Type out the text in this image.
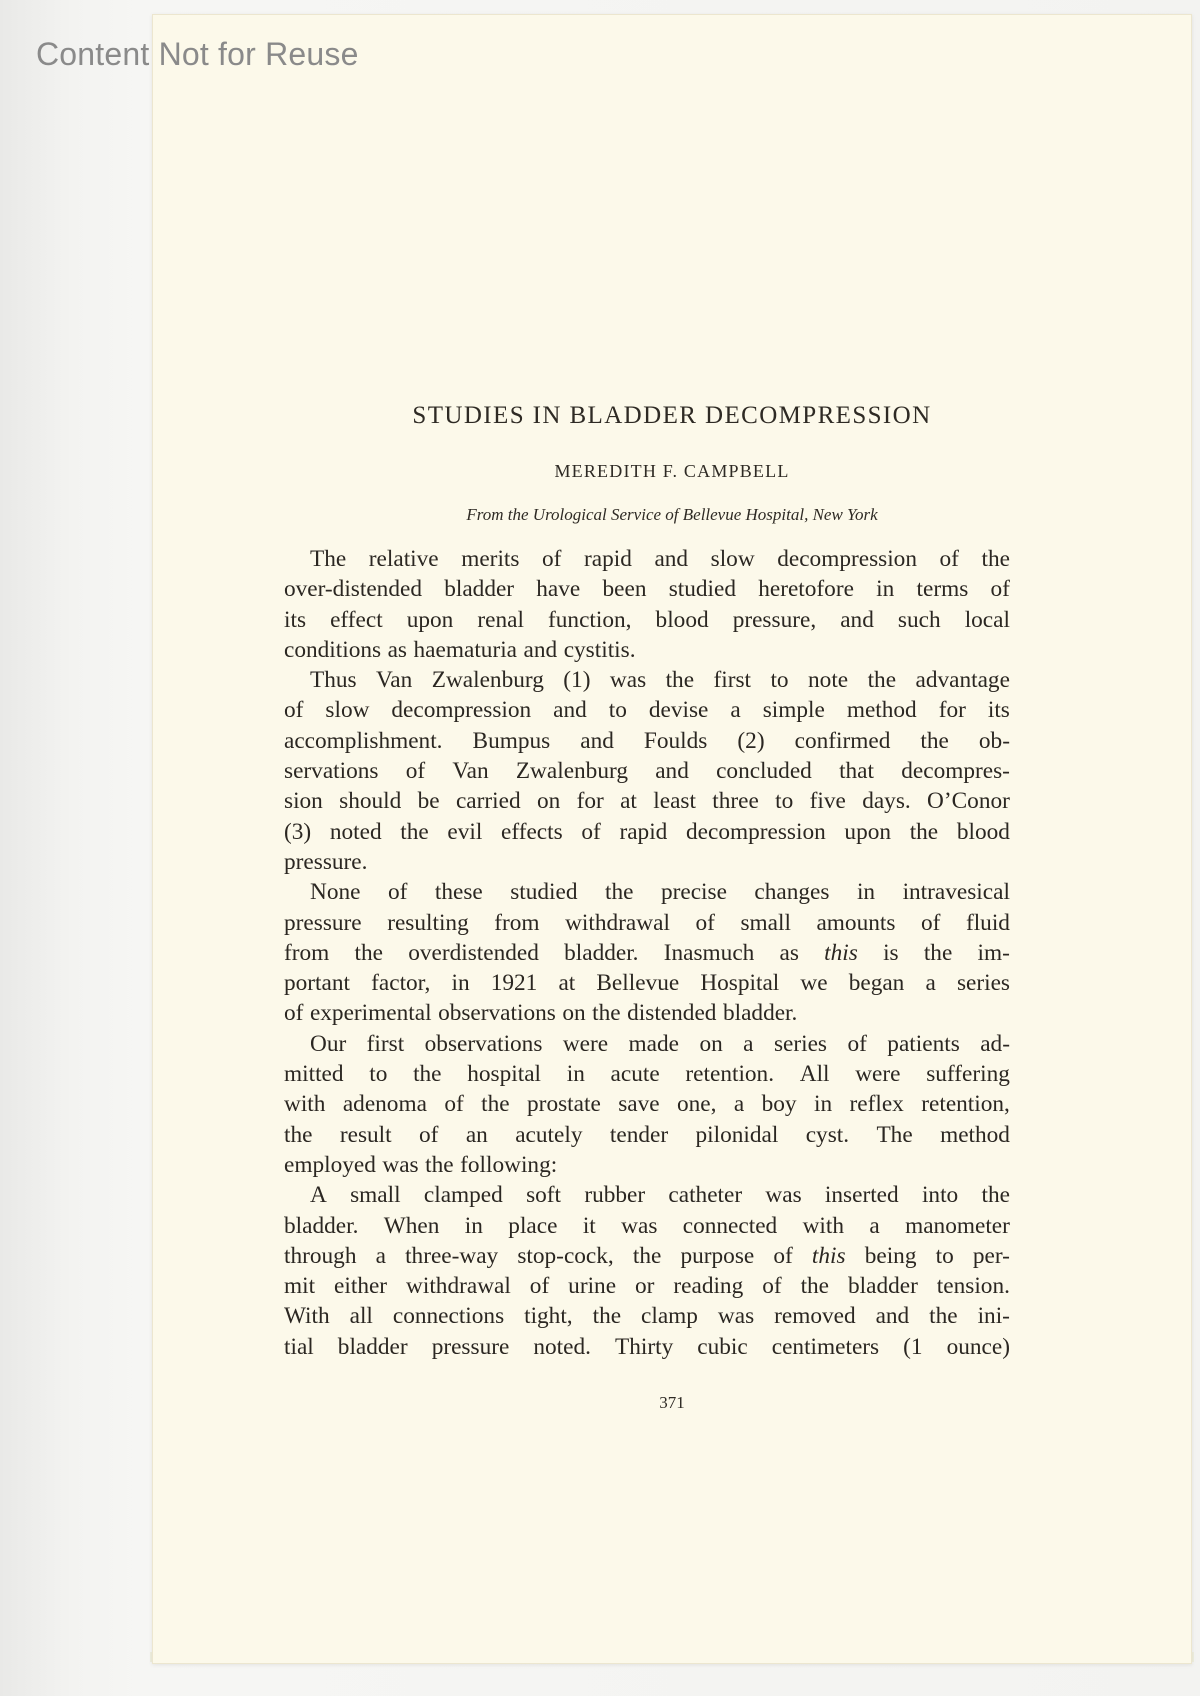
Content Not for Reuse
STUDIES IN BLADDER DECOMPRESSION
MEREDITH F. CAMPBELL
From the Urological Service of Bellevue Hospital, New York
The relative merits of rapid and slow decompression of the
over-distended bladder have been studied heretofore in terms of
its effect upon renal function, blood pressure, and such local
conditions as haematuria and cystitis.
Thus Van Zwalenburg (1) was the first to note the advantage
of slow decompression and to devise a simple method for its
accomplishment. Bumpus and Foulds (2) confirmed the ob-
servations of Van Zwalenburg and concluded that decompres-
sion should be carried on for at least three to five days. O’Conor
(3) noted the evil effects of rapid decompression upon the blood
pressure.
None of these studied the precise changes in intravesical
pressure resulting from withdrawal of small amounts of fluid
from the overdistended bladder. Inasmuch as this is the im-
portant factor, in 1921 at Bellevue Hospital we began a series
of experimental observations on the distended bladder.
Our first observations were made on a series of patients ad-
mitted to the hospital in acute retention. All were suffering
with adenoma of the prostate save one, a boy in reflex retention,
the result of an acutely tender pilonidal cyst. The method
employed was the following:
A small clamped soft rubber catheter was inserted into the
bladder. When in place it was connected with a manometer
through a three-way stop-cock, the purpose of this being to per-
mit either withdrawal of urine or reading of the bladder tension.
With all connections tight, the clamp was removed and the ini-
tial bladder pressure noted. Thirty cubic centimeters (1 ounce)
371
